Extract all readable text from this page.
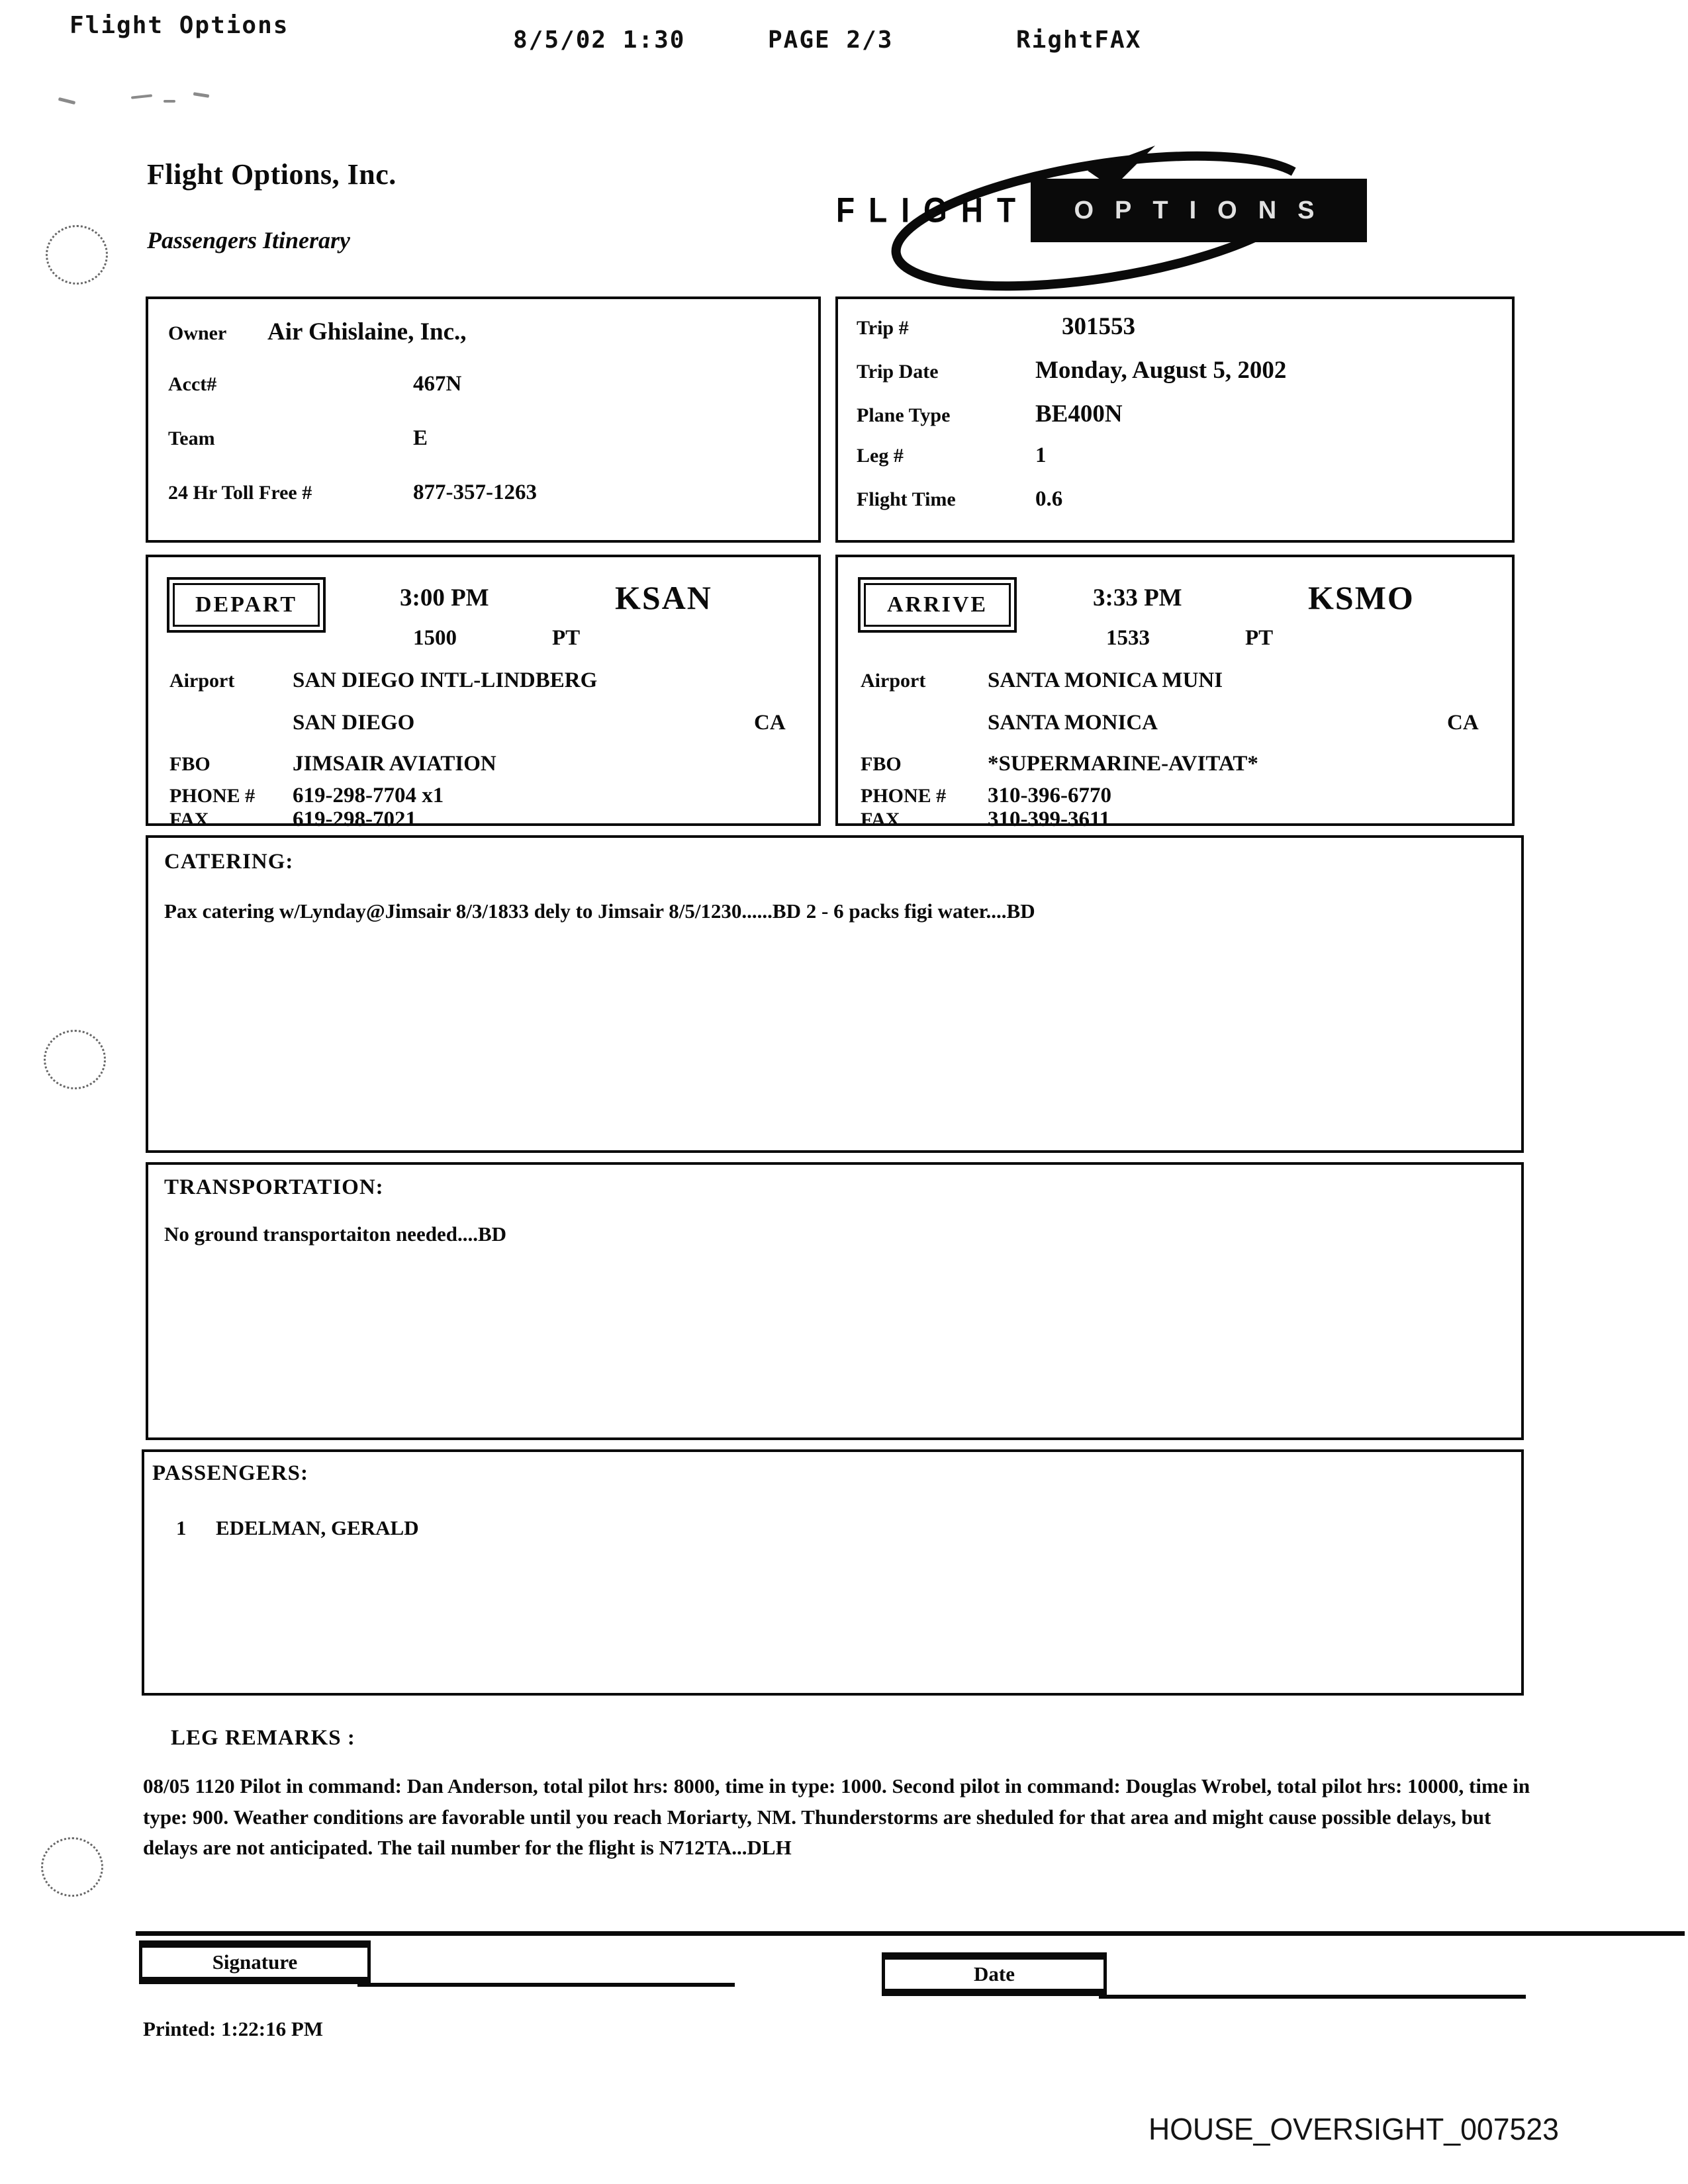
Flight Options
8/5/02 1:30	PAGE 2/3	RightFAX
Flight Options, Inc.
Passengers Itinerary
FLIGHT	OPTIONS
Owner	Air Ghislaine, Inc.,
Acct#	467N
Team	E
24 Hr Toll Free #	877-357-1263
Trip #	301553
Trip Date	Monday, August 5, 2002
Plane Type	BE400N
Leg #	1
Flight Time	0.6
DEPART	3:00 PM	KSAN
1500	PT
Airport	SAN DIEGO INTL-LINDBERG
SAN DIEGO	CA
FBO	JIMSAIR AVIATION
PHONE # 619-298-7704 x1
FAX	619-298-7021
ARRIVE	3:33 PM	KSMO
1533	PT
Airport	SANTA MONICA MUNI
SANTA MONICA	CA
FBO	*SUPERMARINE-AVITAT*
PHONE # 310-396-6770
FAX	310-399-3611
CATERING:
Pax catering w/Lynday@Jimsair 8/3/1833 dely to Jimsair 8/5/1230......BD 2 - 6 packs figi water....BD
TRANSPORTATION:
No ground transportaiton needed....BD
PASSENGERS:
1	EDELMAN, GERALD
LEG REMARKS :
08/05 1120 Pilot in command: Dan Anderson, total pilot hrs: 8000, time in type: 1000. Second pilot in command: Douglas Wrobel, total pilot hrs: 10000, time in type: 900. Weather conditions are favorable until you reach Moriarty, NM. Thunderstorms are sheduled for that area and might cause possible delays, but delays are not anticipated. The tail number for the flight is N712TA...DLH
Signature
Date
Printed: 1:22:16 PM
HOUSE_OVERSIGHT_007523
